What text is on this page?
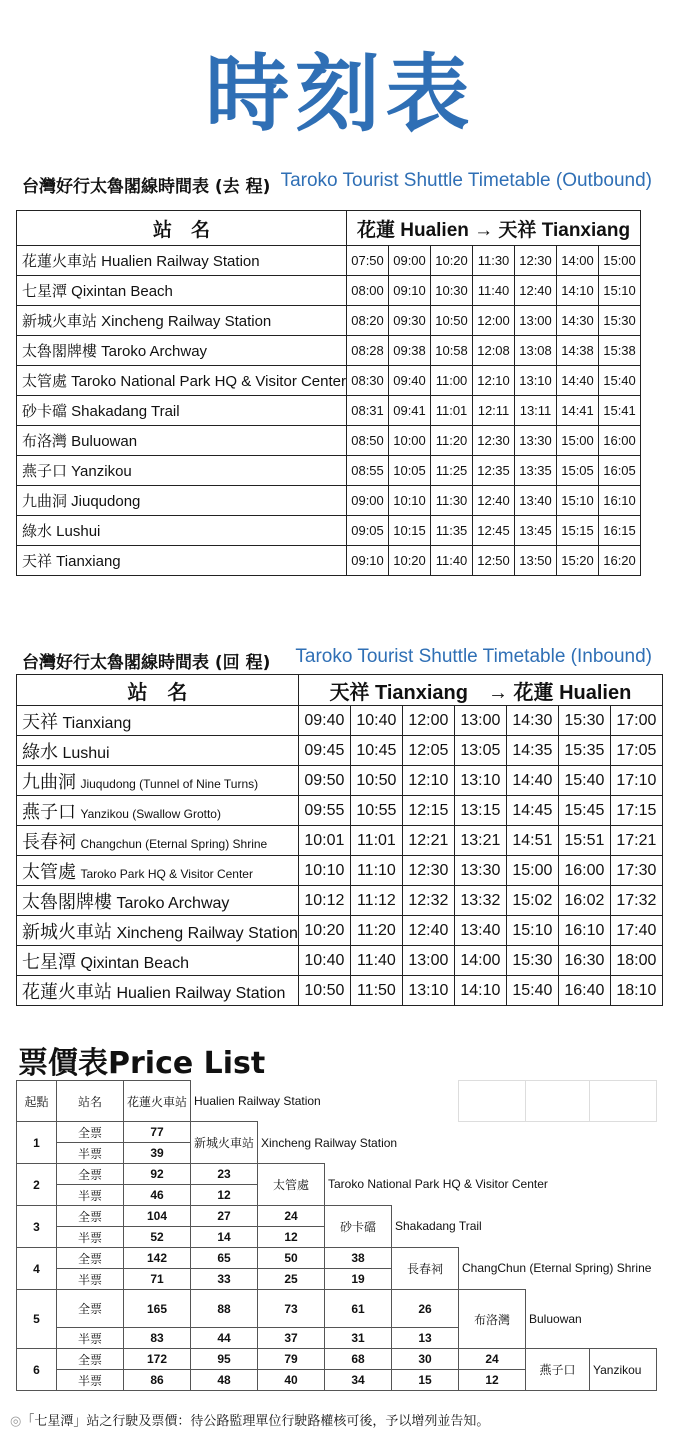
時刻表
台灣好行太魯閣線時間表 (去 程) Taroko Tourist Shuttle Timetable (Outbound)
站　名	花蓮 Hualien → 天祥 Tianxiang						
花蓮火車站 Hualien Railway Station	07:50	09:00	10:20	11:30	12:30	14:00	15:00
七星潭 Qixintan Beach	08:00	09:10	10:30	11:40	12:40	14:10	15:10
新城火車站 Xincheng Railway Station	08:20	09:30	10:50	12:00	13:00	14:30	15:30
太魯閣牌樓 Taroko Archway	08:28	09:38	10:58	12:08	13:08	14:38	15:38
太管處 Taroko National Park HQ & Visitor Center	08:30	09:40	11:00	12:10	13:10	14:40	15:40
砂卡礑 Shakadang Trail	08:31	09:41	11:01	12:11	13:11	14:41	15:41
布洛灣 Buluowan	08:50	10:00	11:20	12:30	13:30	15:00	16:00
燕子口 Yanzikou	08:55	10:05	11:25	12:35	13:35	15:05	16:05
九曲洞 Jiuqudong	09:00	10:10	11:30	12:40	13:40	15:10	16:10
綠水 Lushui	09:05	10:15	11:35	12:45	13:45	15:15	16:15
天祥 Tianxiang	09:10	10:20	11:40	12:50	13:50	15:20	16:20
台灣好行太魯閣線時間表 (回 程) Taroko Tourist Shuttle Timetable (Inbound)
站　名	天祥 Tianxiang　→ 花蓮 Hualien						
天祥 Tianxiang	09:40	10:40	12:00	13:00	14:30	15:30	17:00
綠水 Lushui	09:45	10:45	12:05	13:05	14:35	15:35	17:05
九曲洞 Jiuqudong (Tunnel of Nine Turns)	09:50	10:50	12:10	13:10	14:40	15:40	17:10
燕子口 Yanzikou (Swallow Grotto)	09:55	10:55	12:15	13:15	14:45	15:45	17:15
長春祠 Changchun (Eternal Spring) Shrine	10:01	11:01	12:21	13:21	14:51	15:51	17:21
太管處 Taroko Park HQ & Visitor Center	10:10	11:10	12:30	13:30	15:00	16:00	17:30
太魯閣牌樓 Taroko Archway	10:12	11:12	12:32	13:32	15:02	16:02	17:32
新城火車站 Xincheng Railway Station	10:20	11:20	12:40	13:40	15:10	16:10	17:40
七星潭 Qixintan Beach	10:40	11:40	13:00	14:00	15:30	16:30	18:00
花蓮火車站 Hualien Railway Station	10:50	11:50	13:10	14:10	15:40	16:40	18:10
票價表Price List
起點	站名	花蓮火車站	Hualien Railway Station						
1	全票	77	新城火車站	Xincheng Railway Station					
	半票	39							
2	全票	92	23	太管處	Taroko National Park HQ & Visitor Center				
	半票	46	12						
3	全票	104	27	24	砂卡礑	Shakadang Trail			
	半票	52	14	12					
4	全票	142	65	50	38	長春祠	ChangChun (Eternal Spring) Shrine		
	半票	71	33	25	19				
5	全票	165	88	73	61	26	布洛灣	Buluowan	
	半票	83	44	37	31	13			
6	全票	172	95	79	68	30	24	燕子口	Yanzikou
	半票	86	48	40	34	15	12		
◎「七星潭」站之行駛及票價：待公路監理單位行駛路權核可後，予以增列並告知。
